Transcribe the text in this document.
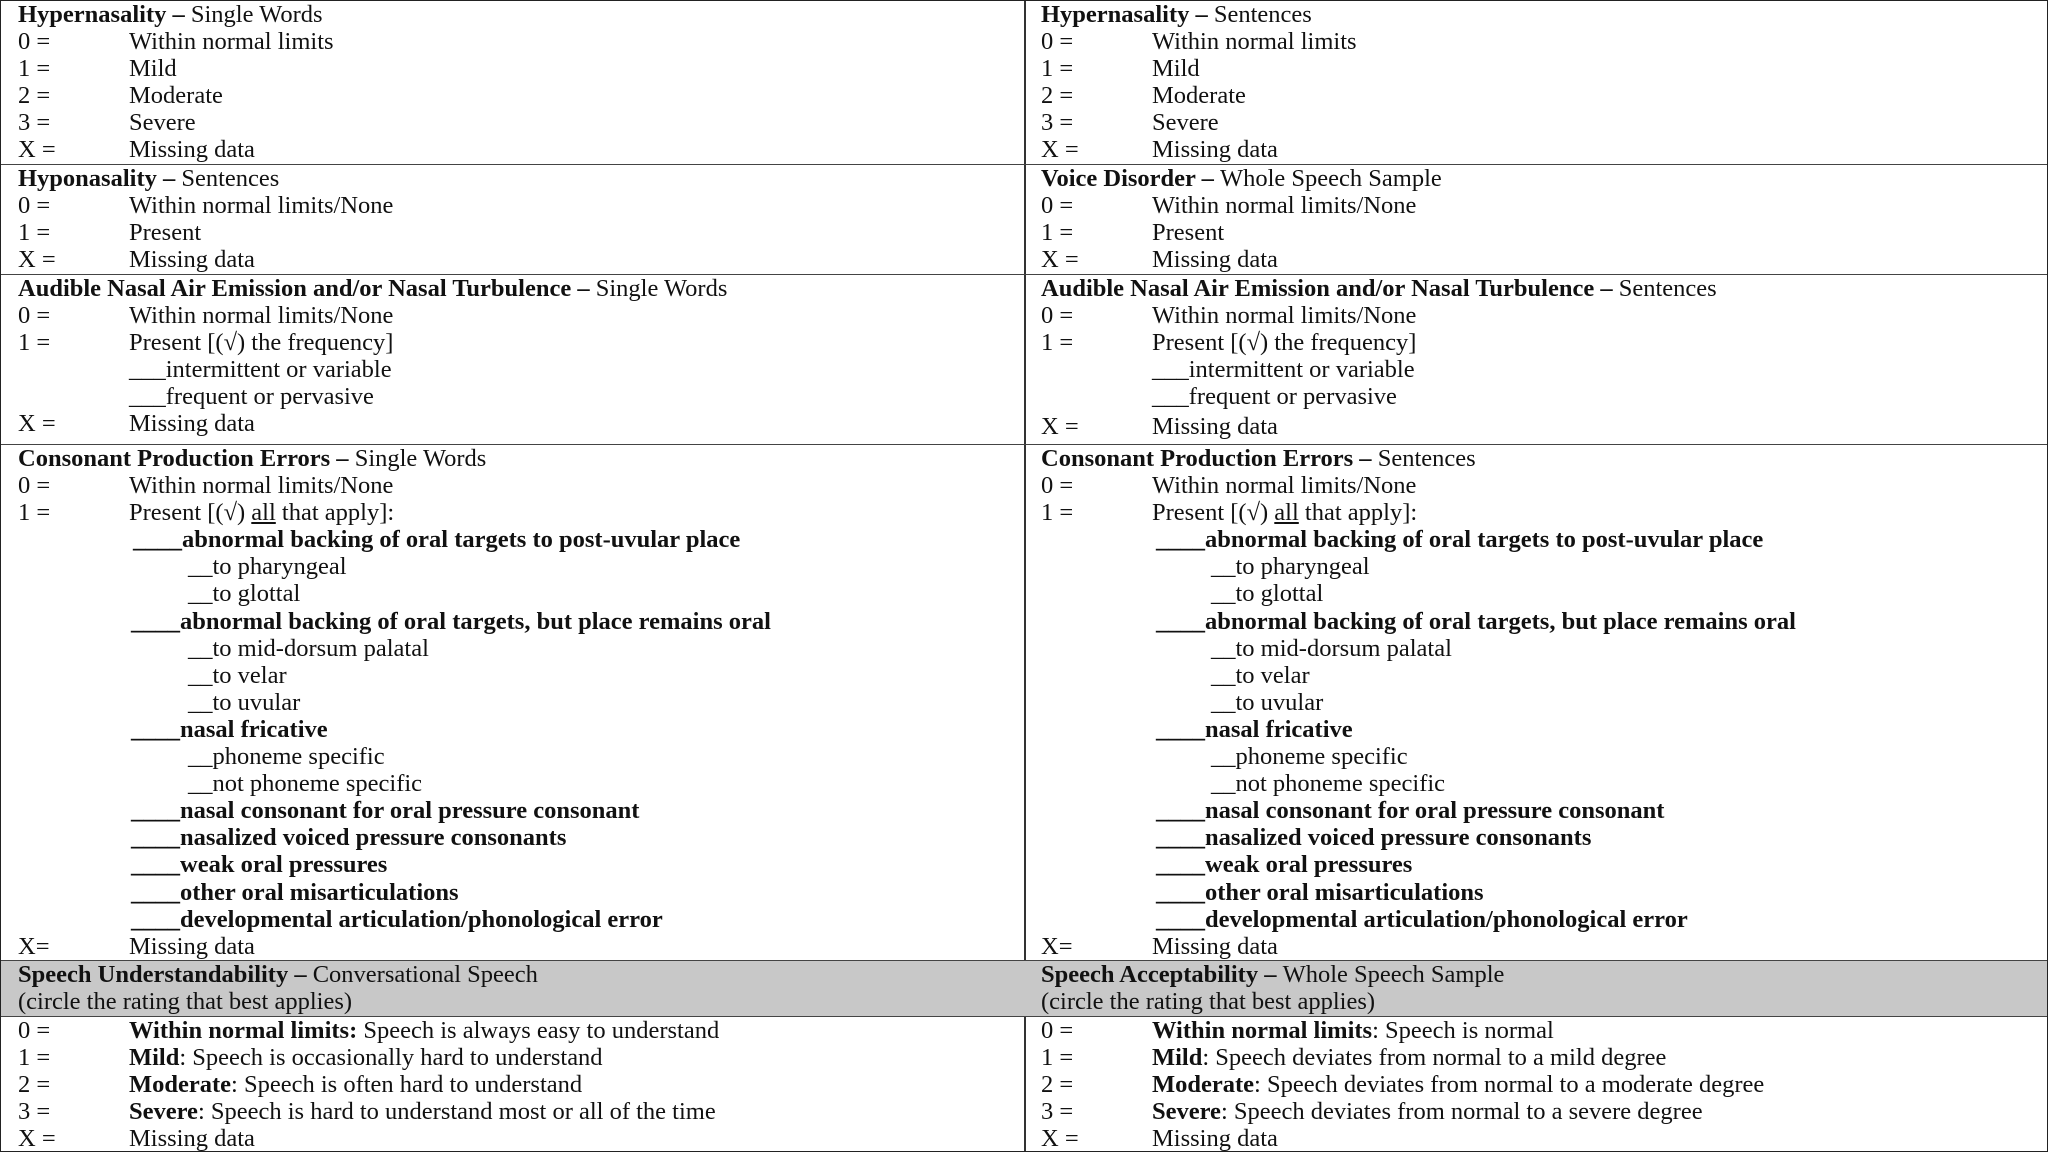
Hypernasality – Single Words
0 =	Within normal limits
1 =	Mild
2 =	Moderate
3 =	Severe
X =	Missing data
Hypernasality – Sentences
0 =	Within normal limits
1 =	Mild
2 =	Moderate
3 =	Severe
X =	Missing data
Hyponasality – Sentences
0 =	Within normal limits/None
1 =	Present
X =	Missing data
Voice Disorder – Whole Speech Sample
0 =	Within normal limits/None
1 =	Present
X =	Missing data
Audible Nasal Air Emission and/or Nasal Turbulence – Single Words
0 =	Within normal limits/None
1 =	Present [(√) the frequency]
___intermittent or variable
___frequent or pervasive
X =	Missing data
Audible Nasal Air Emission and/or Nasal Turbulence – Sentences
0 =	Within normal limits/None
1 =	Present [(√) the frequency]
___intermittent or variable
___frequent or pervasive
X =	Missing data
Consonant Production Errors – Single Words
0 =	Within normal limits/None
1 =	Present [(√) all that apply]:
____abnormal backing of oral targets to post-uvular place
__to pharyngeal
__to glottal
____abnormal backing of oral targets, but place remains oral
__to mid-dorsum palatal
__to velar
__to uvular
____nasal fricative
__phoneme specific
__not phoneme specific
____nasal consonant for oral pressure consonant
____nasalized voiced pressure consonants
____weak oral pressures
____other oral misarticulations
____developmental articulation/phonological error
X=	Missing data
Consonant Production Errors – Sentences
0 =	Within normal limits/None
1 =	Present [(√) all that apply]:
____abnormal backing of oral targets to post-uvular place
__to pharyngeal
__to glottal
____abnormal backing of oral targets, but place remains oral
__to mid-dorsum palatal
__to velar
__to uvular
____nasal fricative
__phoneme specific
__not phoneme specific
____nasal consonant for oral pressure consonant
____nasalized voiced pressure consonants
____weak oral pressures
____other oral misarticulations
____developmental articulation/phonological error
X=	Missing data
Speech Understandability – Conversational Speech
(circle the rating that best applies)
Speech Acceptability – Whole Speech Sample
(circle the rating that best applies)
0 =	Within normal limits: Speech is always easy to understand
1 =	Mild: Speech is occasionally hard to understand
2 =	Moderate: Speech is often hard to understand
3 =	Severe: Speech is hard to understand most or all of the time
X =	Missing data
0 =	Within normal limits: Speech is normal
1 =	Mild: Speech deviates from normal to a mild degree
2 =	Moderate: Speech deviates from normal to a moderate degree
3 =	Severe: Speech deviates from normal to a severe degree
X =	Missing data
